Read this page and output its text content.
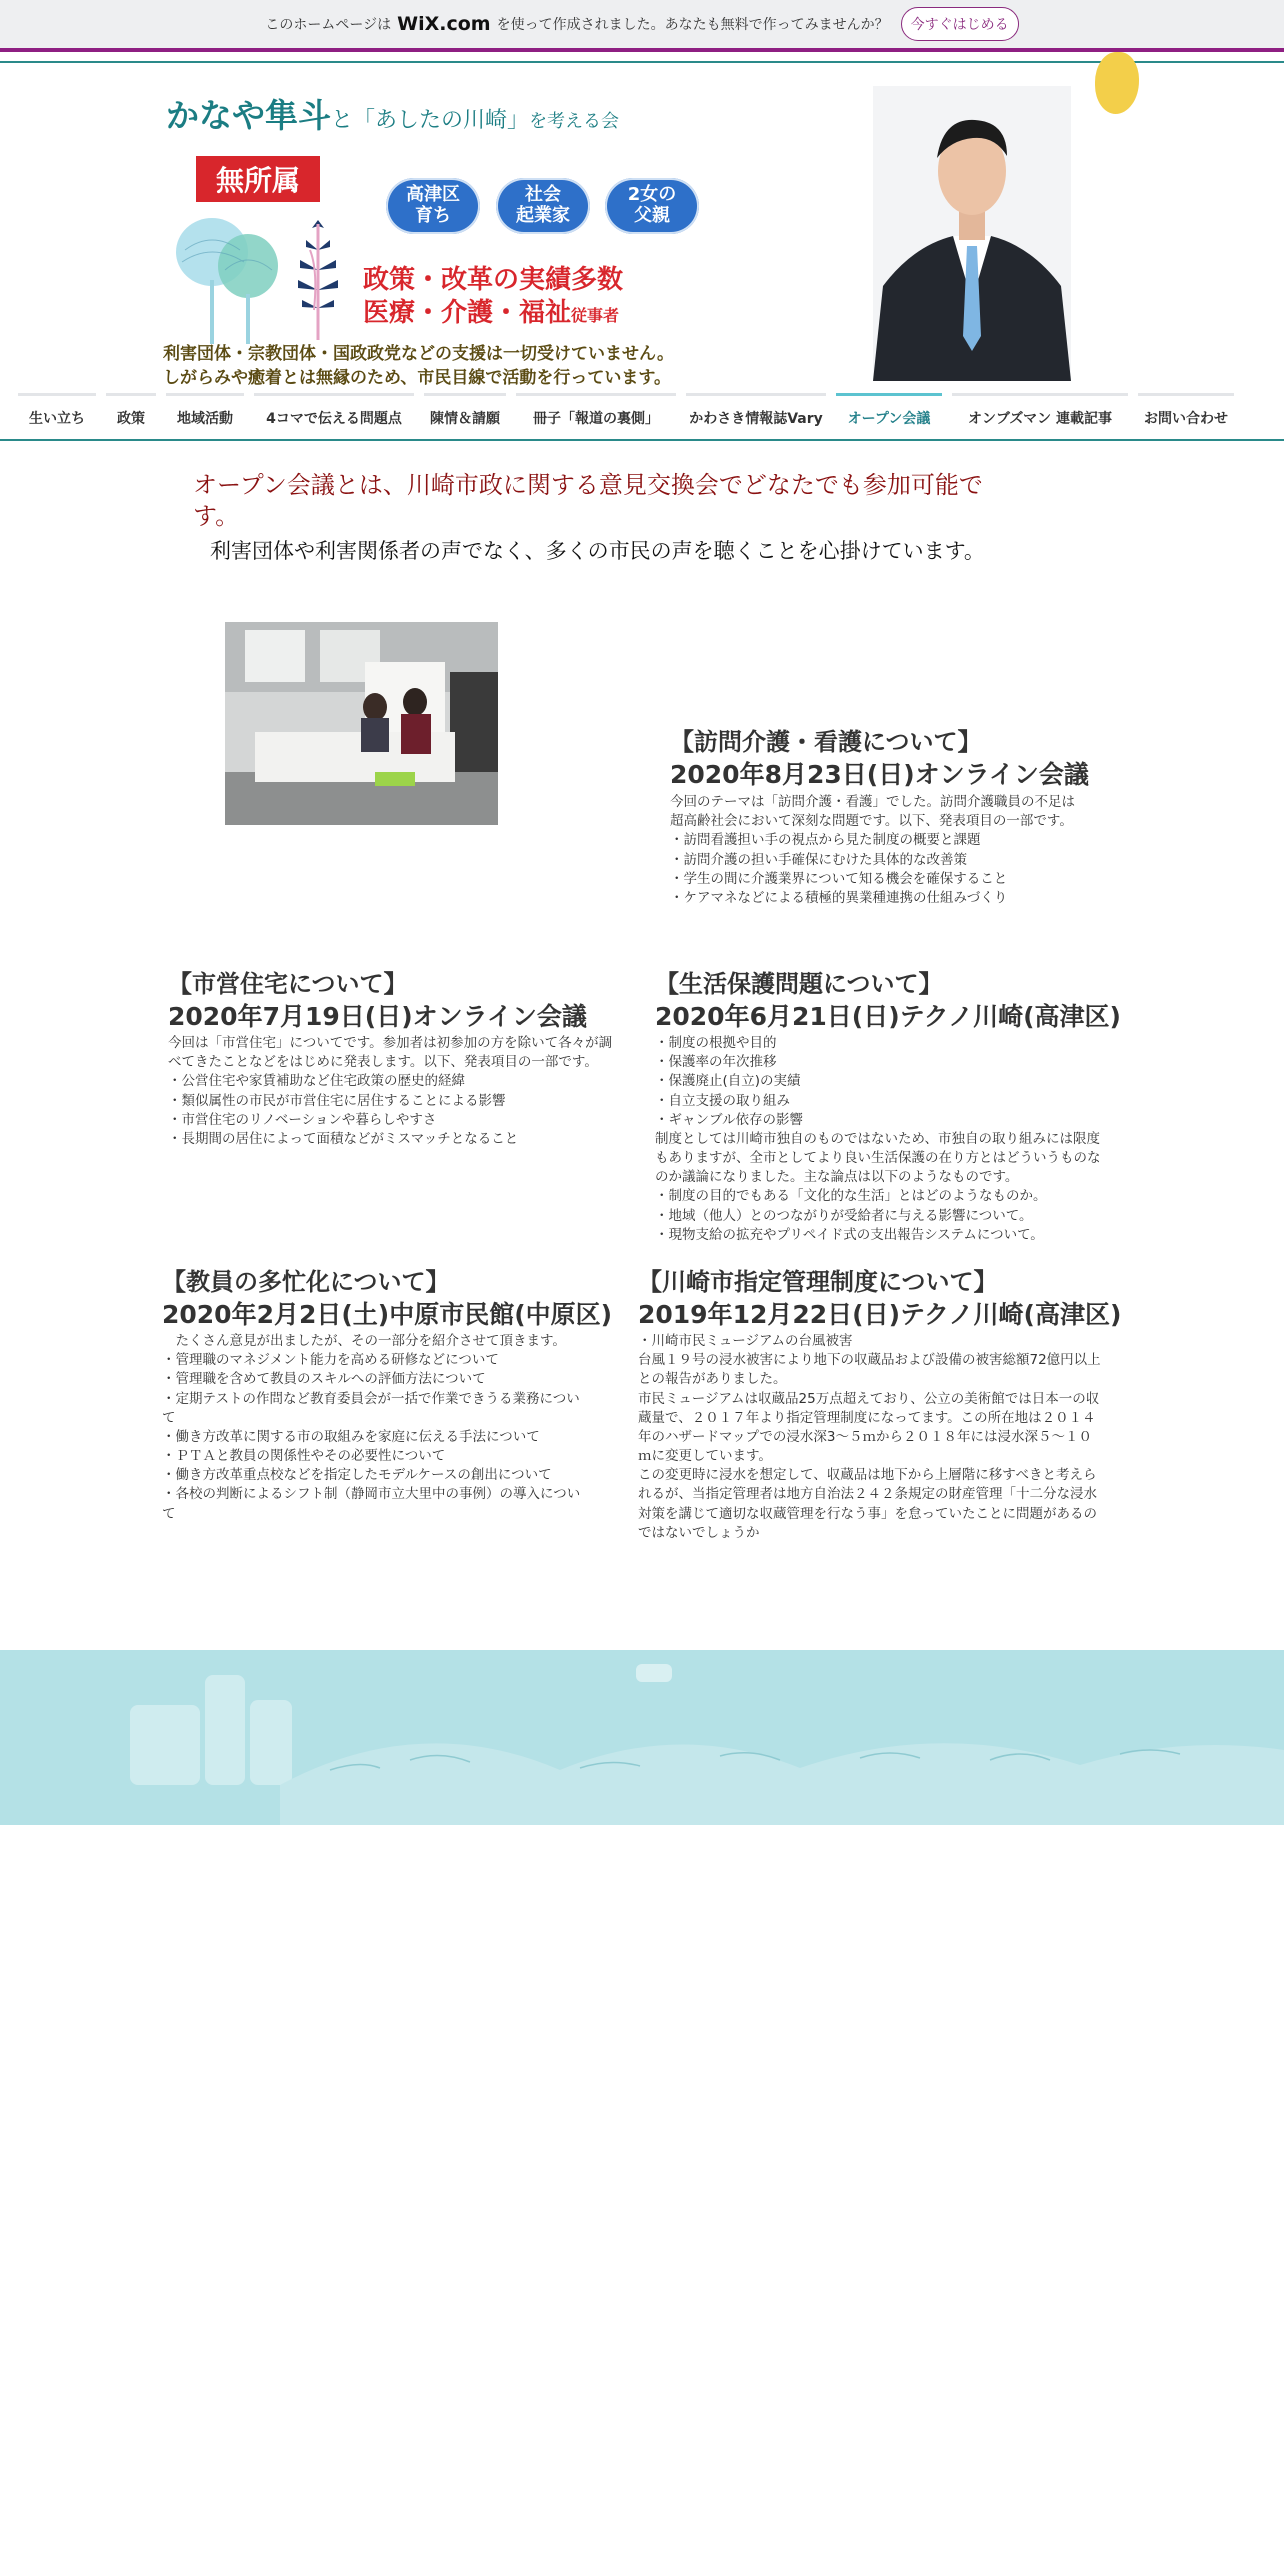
このホームページは WiX.com を使って作成されました。あなたも無料で作ってみませんか？	今すぐはじめる
かなや隼斗と「あしたの川崎」を考える会
無所属	高津区
育ち
社会
起業家
2女の
父親
政策・改革の実績多数
医療・介護・福祉従事者
利害団体・宗教団体・国政政党などの支援は一切受けていません。
しがらみや癒着とは無縁のため、市民目線で活動を行っています。
生い立ち	政策	地域活動	4コマで伝える問題点	陳情＆請願	冊子「報道の裏側」	かわさき情報誌Vary	オープン会議	オンブズマン 連載記事	お問い合わせ
オープン会議とは、川崎市政に関する意見交換会でどなたでも参加可能です。
利害団体や利害関係者の声でなく、多くの市民の声を聴くことを心掛けています。
【訪問介護・看護について】
2020年8月23日(日)オンライン会議
今回のテーマは「訪問介護・看護」でした。訪問介護職員の不足は
超高齢社会において深刻な問題です。以下、発表項目の一部です。
・訪問看護担い手の視点から見た制度の概要と課題
・訪問介護の担い手確保にむけた具体的な改善策
・学生の間に介護業界について知る機会を確保すること
・ケアマネなどによる積極的異業種連携の仕組みづくり
【市営住宅について】
2020年7月19日(日)オンライン会議
今回は「市営住宅」についてです。参加者は初参加の方を除いて各々が調
べてきたことなどをはじめに発表します。以下、発表項目の一部です。
・公営住宅や家賃補助など住宅政策の歴史的経緯
・類似属性の市民が市営住宅に居住することによる影響
・市営住宅のリノベーションや暮らしやすさ
・長期間の居住によって面積などがミスマッチとなること
【生活保護問題について】
2020年6月21日(日)テクノ川崎(高津区)
・制度の根拠や目的
・保護率の年次推移
・保護廃止(自立)の実績
・自立支援の取り組み
・ギャンブル依存の影響
制度としては川崎市独自のものではないため、市独自の取り組みには限度
もありますが、全市としてより良い生活保護の在り方とはどういうものな
のか議論になりました。主な論点は以下のようなものです。
・制度の目的でもある「文化的な生活」とはどのようなものか。
・地域（他人）とのつながりが受給者に与える影響について。
・現物支給の拡充やプリペイド式の支出報告システムについて。
【教員の多忙化について】
2020年2月2日(土)中原市民館(中原区)
　たくさん意見が出ましたが、その一部分を紹介させて頂きます。
・管理職のマネジメント能力を高める研修などについて
・管理職を含めて教員のスキルへの評価方法について
・定期テストの作問など教育委員会が一括で作業できうる業務につい
て
・働き方改革に関する市の取組みを家庭に伝える手法について
・ＰＴＡと教員の関係性やその必要性について
・働き方改革重点校などを指定したモデルケースの創出について
・各校の判断によるシフト制（静岡市立大里中の事例）の導入につい
て
【川崎市指定管理制度について】
2019年12月22日(日)テクノ川崎(高津区)
・川崎市民ミュージアムの台風被害
台風１９号の浸水被害により地下の収蔵品および設備の被害総額72億円以上
との報告がありました。
市民ミュージアムは収蔵品25万点超えており、公立の美術館では日本一の収
蔵量で、２０１７年より指定管理制度になってます。この所在地は２０１４
年のハザードマップでの浸水深3～５ｍから２０１８年には浸水深５～１０
ｍに変更しています。
この変更時に浸水を想定して、収蔵品は地下から上層階に移すべきと考えら
れるが、当指定管理者は地方自治法２４２条規定の財産管理「十二分な浸水
対策を講じて適切な収蔵管理を行なう事」を怠っていたことに問題があるの
ではないでしょうか
